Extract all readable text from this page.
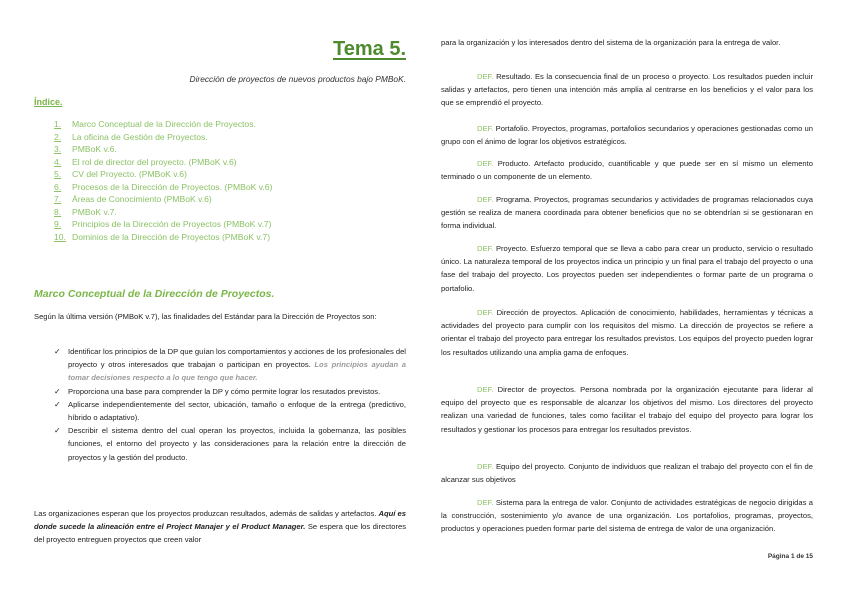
Tema 5.
Dirección de proyectos de nuevos productos bajo PMBoK.
Índice.
1. Marco Conceptual de la Dirección de Proyectos.
2. La oficina de Gestión de Proyectos.
3. PMBoK v.6.
4. El rol de director del proyecto. (PMBoK v.6)
5. CV del Proyecto. (PMBoK v.6)
6. Procesos de la Dirección de Proyectos. (PMBoK v.6)
7. Áreas de Conocimiento (PMBoK v.6)
8. PMBoK v.7.
9. Principios de la Dirección de Proyectos (PMBoK v.7)
10. Dominios de la Dirección de Proyectos (PMBoK v.7)
Marco Conceptual de la Dirección de Proyectos.

Según la última versión (PMBoK v.7), las finalidades del Estándar para la Dirección de Proyectos son:

✓ Identificar los principios de la DP que guían los comportamientos y acciones de los profesionales del proyecto y otros interesados que trabajan o participan en proyectos. Los principios ayudan a tomar decisiones respecto a lo que tengo que hacer.
✓ Proporciona una base para comprender la DP y cómo permite lograr los resutados previstos.
✓ Aplicarse independientemente del sector, ubicación, tamaño o enfoque de la entrega (predictivo, híbrido o adaptativo).
✓ Describir el sistema dentro del cual operan los proyectos, incluida la gobernanza, las posibles funciones, el entorno del proyecto y las consideraciones para la relación entre la dirección de proyectos y la gestión del producto.

Las organizaciones esperan que los proyectos produzcan resultados, además de salidas y artefactos. Aquí es donde sucede la alineación entre el Project Manajer y el Product Manager. Se espera que los directores del proyecto entreguen proyectos que creen valor

para la organización y los interesados dentro del sistema de la organización para la entrega de valor.

DEF. Resultado. Es la consecuencia final de un proceso o proyecto. Los resultados pueden incluir salidas y artefactos, pero tienen una intención más amplia al centrarse en los beneficios y el valor para los que se emprendió el proyecto.

DEF. Portafolio. Proyectos, programas, portafolios secundarios y operaciones gestionadas como un grupo con el ánimo de lograr los objetivos estratégicos.

DEF. Producto. Artefacto producido, cuantificable y que puede ser en sí mismo un elemento terminado o un componente de un elemento.

DEF. Programa. Proyectos, programas secundarios y actividades de programas relacionados cuya gestión se realiza de manera coordinada para obtener beneficios que no se obtendrían si se gestionaran en forma individual.

DEF. Proyecto. Esfuerzo temporal que se lleva a cabo para crear un producto, servicio o resultado único. La naturaleza temporal de los proyectos indica un principio y un final para el trabajo del proyecto o una fase del trabajo del proyecto. Los proyectos pueden ser independientes o formar parte de un programa o portafolio.

DEF. Dirección de proyectos. Aplicación de conocimiento, habilidades, herramientas y técnicas a actividades del proyecto para cumplir con los requisitos del mismo. La dirección de proyectos se refiere a orientar el trabajo del proyecto para entregar los resultados previstos. Los equipos del proyecto pueden lograr los resultados utilizando una amplia gama de enfoques.

DEF. Director de proyectos. Persona nombrada por la organización ejecutante para liderar al equipo del proyecto que es responsable de alcanzar los objetivos del mismo. Los directores del proyecto realizan una variedad de funciones, tales como facilitar el trabajo del equipo del proyecto para lograr los resultados y gestionar los procesos para entregar los resultados previstos.

DEF. Equipo del proyecto. Conjunto de individuos que realizan el trabajo del proyecto con el fin de alcanzar sus objetivos

DEF. Sistema para la entrega de valor. Conjunto de actividades estratégicas de negocio dirigidas a la construcción, sostenimiento y/o avance de una organización. Los portafolios, programas, proyectos, productos y operaciones pueden formar parte del sistema de entrega de valor de una organización.

Página 1 de 15
